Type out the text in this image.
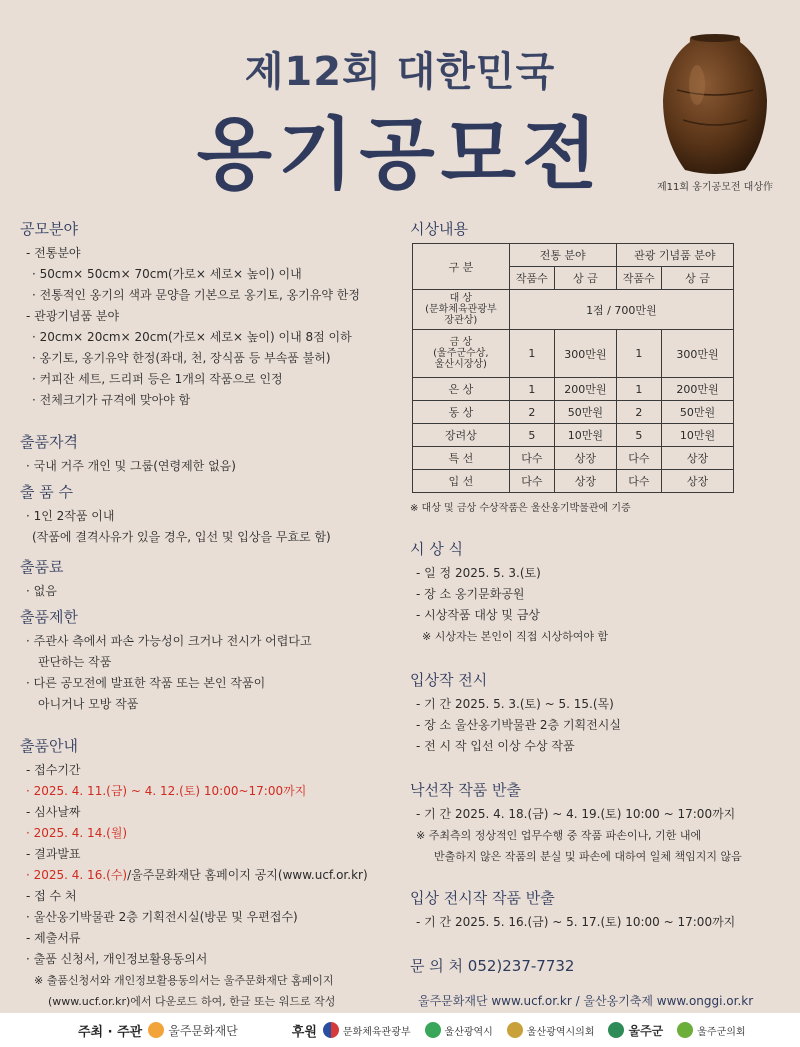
제12회 대한민국
옹기공모전	제11회 옹기공모전 대상作
공모분야
- 전통분야
· 50cm× 50cm× 70cm(가로× 세로× 높이) 이내
· 전통적인 옹기의 색과 문양을 기본으로 옹기토, 옹기유약 한정
- 관광기념품 분야
· 20cm× 20cm× 20cm(가로× 세로× 높이) 이내 8점 이하
· 옹기토, 옹기유약 한정(좌대, 천, 장식품 등 부속품 불허)
· 커피잔 세트, 드리퍼 등은 1개의 작품으로 인정
· 전체크기가 규격에 맞아야 함
출품자격
· 국내 거주 개인 및 그룹(연령제한 없음)
출 품 수
· 1인 2작품 이내
(작품에 결격사유가 있을 경우, 입선 및 입상을 무효로 함)
출품료
· 없음
출품제한
· 주관사 측에서 파손 가능성이 크거나 전시가 어렵다고
판단하는 작품
· 다른 공모전에 발표한 작품 또는 본인 작품이
아니거나 모방 작품
출품안내
- 접수기간
· 2025. 4. 11.(금) ~ 4. 12.(토) 10:00~17:00까지
- 심사날짜
· 2025. 4. 14.(월)
- 결과발표
· 2025. 4. 16.(수)/울주문화재단 홈페이지 공지(www.ucf.or.kr)
- 접 수 처
· 울산옹기박물관 2층 기획전시실(방문 및 우편접수)
- 제출서류
· 출품 신청서, 개인정보활용동의서
※ 출품신청서와 개인정보활용동의서는 울주문화재단 홈페이지
(www.ucf.or.kr)에서 다운로드 하여, 한글 또는 워드로 작성
시상내용
구 분	전통 분야		관광 기념품 분야	
	작품수	상 금	작품수	상 금
대 상
(문화체육관광부
장관상)	1점 / 700만원			
금 상
(울주군수상,
울산시장상)	1	300만원	1	300만원
은 상	1	200만원	1	200만원
동 상	2	50만원	2	50만원
장려상	5	10만원	5	10만원
특 선	다수	상장	다수	상장
입 선	다수	상장	다수	상장
※ 대상 및 금상 수상작품은 울산옹기박물관에 기증
시 상 식
- 일 정 2025. 5. 3.(토)
- 장 소 옹기문화공원
- 시상작품 대상 및 금상
※ 시상자는 본인이 직접 시상하여야 함
입상작 전시
- 기 간 2025. 5. 3.(토) ~ 5. 15.(목)
- 장 소 울산옹기박물관 2층 기획전시실
- 전 시 작 입선 이상 수상 작품
낙선작 작품 반출
- 기 간 2025. 4. 18.(금) ~ 4. 19.(토) 10:00 ~ 17:00까지
※ 주최측의 정상적인 업무수행 중 작품 파손이나, 기한 내에
반출하지 않은 작품의 분실 및 파손에 대하여 일체 책임지지 않음
입상 전시작 작품 반출
- 기 간 2025. 5. 16.(금) ~ 5. 17.(토) 10:00 ~ 17:00까지
문 의 처 052)237-7732
울주문화재단 www.ucf.or.kr / 울산옹기축제 www.onggi.or.kr
주최 · 주관 울주문화재단	후원	문화체육관광부	울산광역시	울산광역시의회	울주군	울주군의회
